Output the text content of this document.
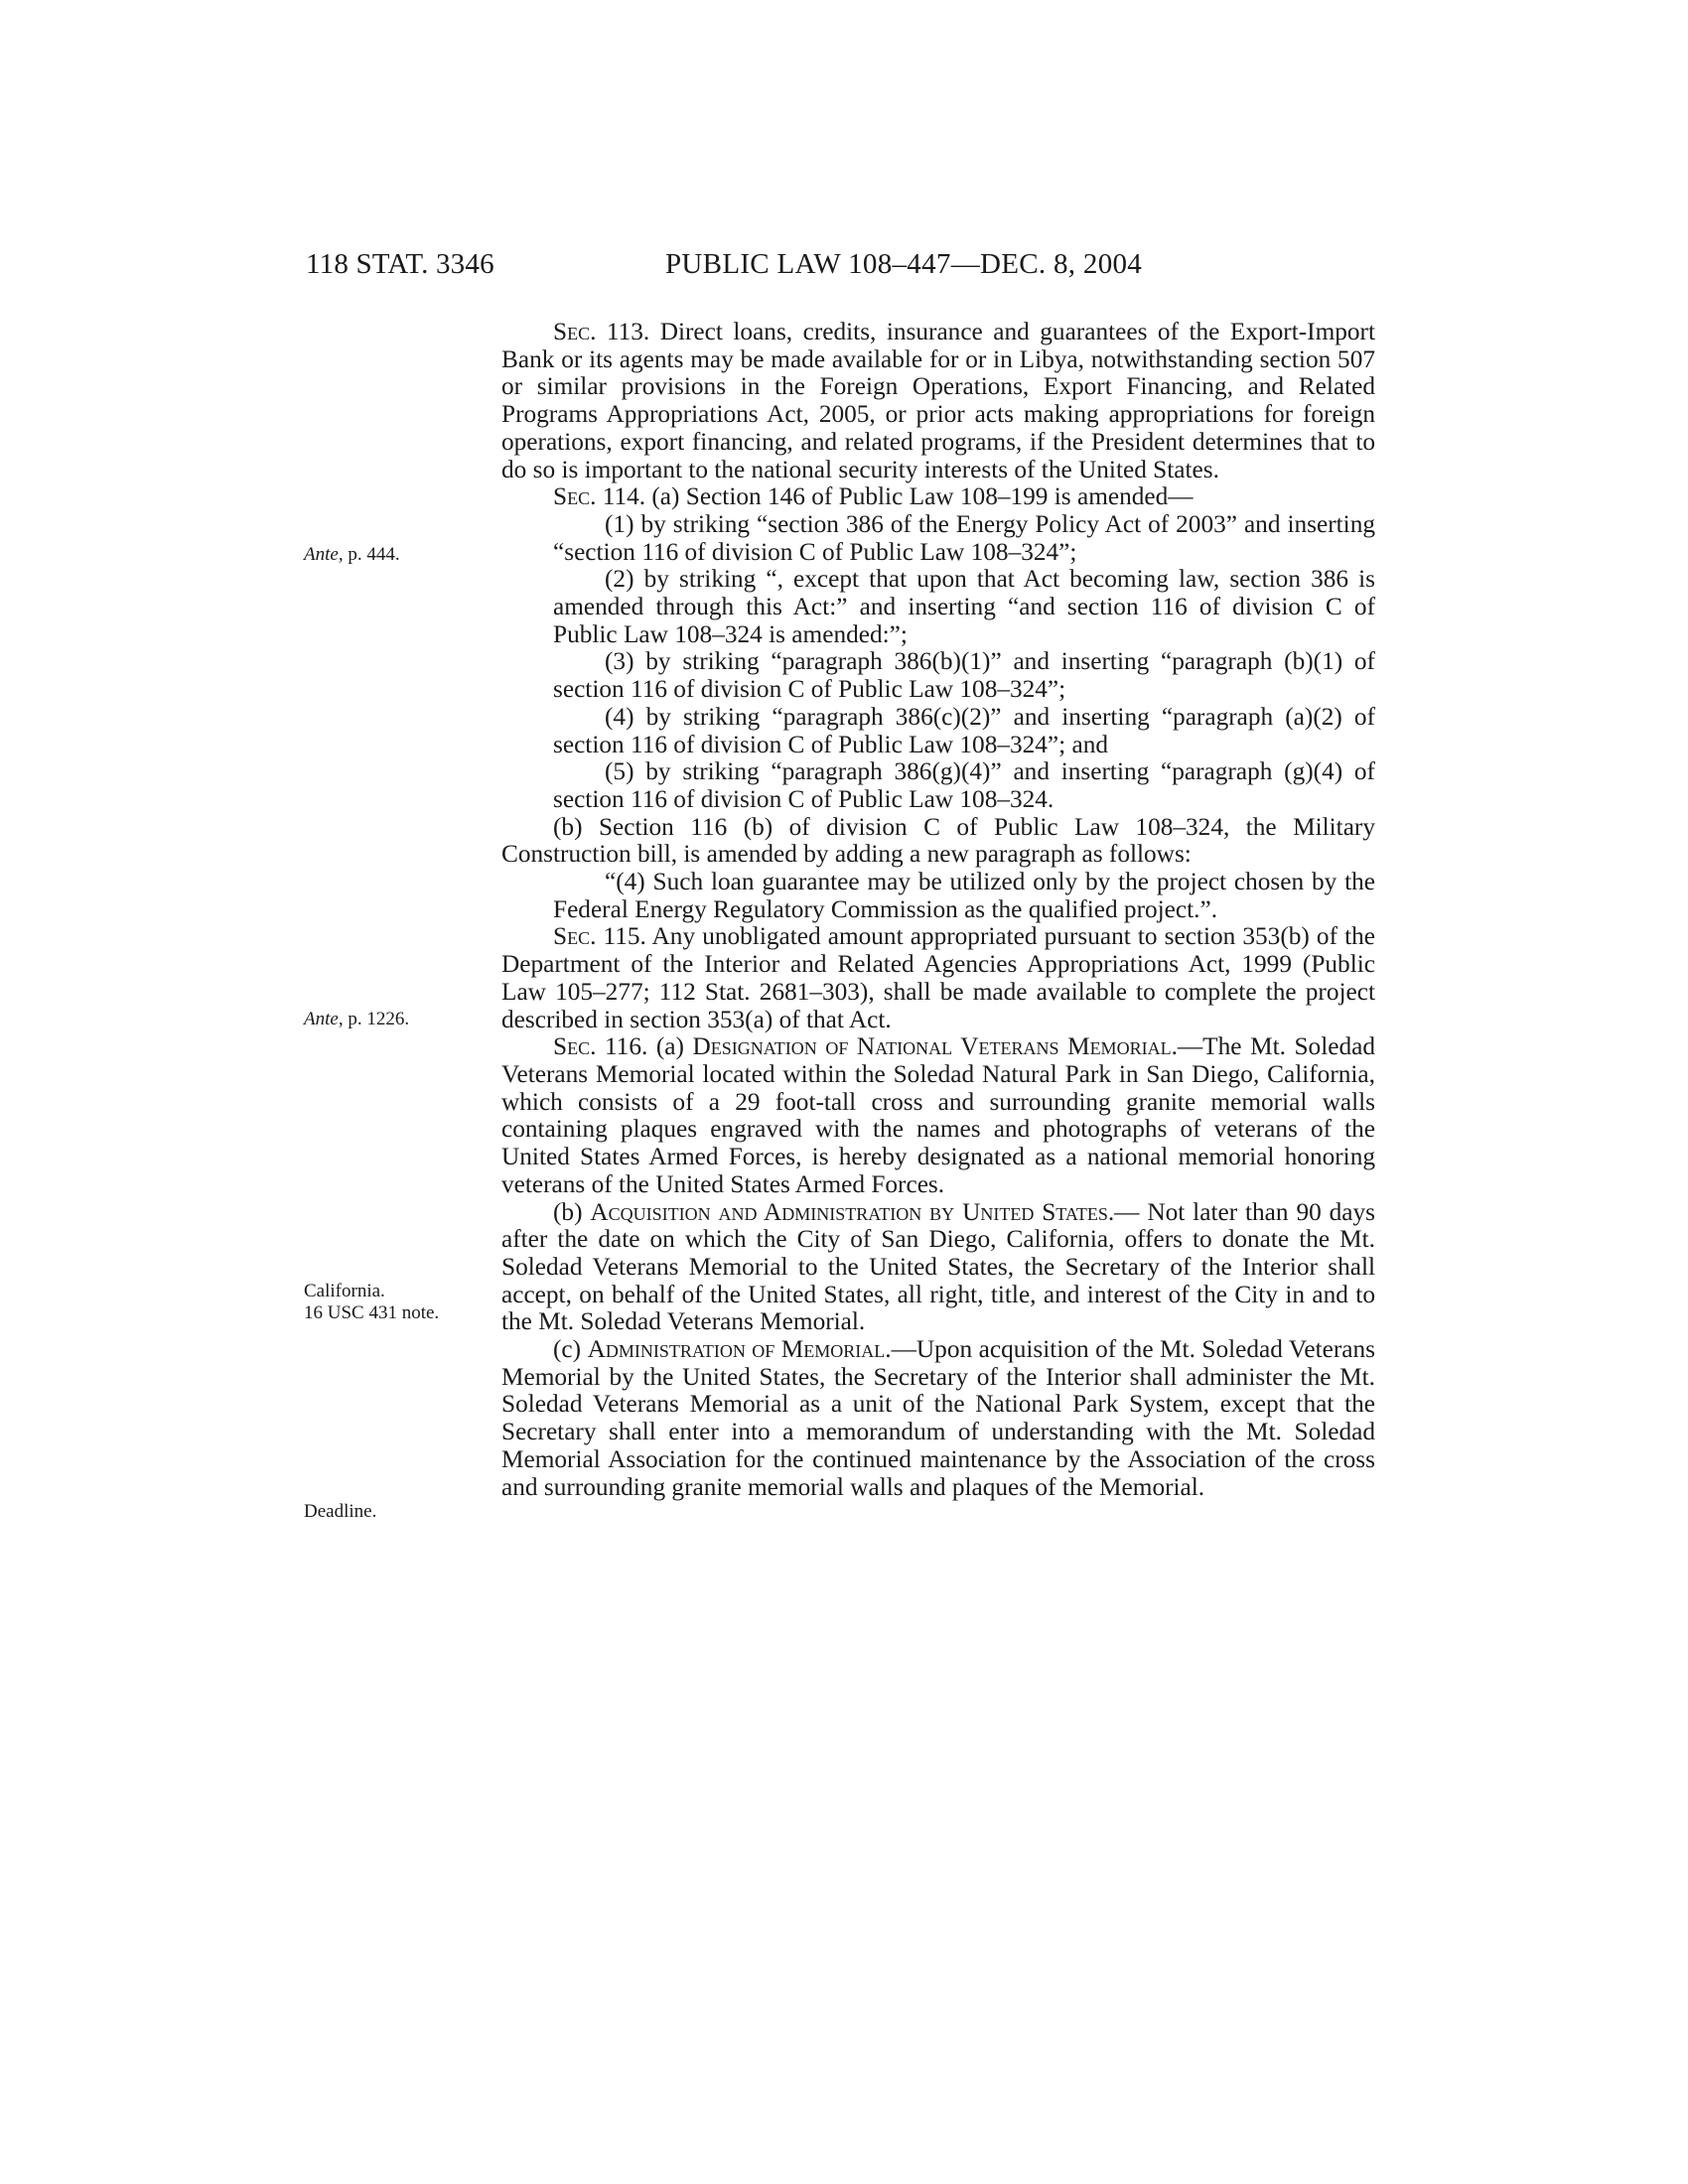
118 STAT. 3346	PUBLIC LAW 108–447—DEC. 8, 2004
Ante, p. 444.
Ante, p. 1226.
California.
16 USC 431 note.
Deadline.

Sec. 113. Direct loans, credits, insurance and guarantees of the Export-Import Bank or its agents may be made available for or in Libya, notwithstanding section 507 or similar provisions in the Foreign Operations, Export Financing, and Related Programs Appropriations Act, 2005, or prior acts making appropriations for foreign operations, export financing, and related programs, if the President determines that to do so is important to the national security interests of the United States.

Sec. 114. (a) Section 146 of Public Law 108–199 is amended—

(1) by striking “section 386 of the Energy Policy Act of 2003” and inserting “section 116 of division C of Public Law 108–324”;

(2) by striking “, except that upon that Act becoming law, section 386 is amended through this Act:” and inserting “and section 116 of division C of Public Law 108–324 is amended:”;

(3) by striking “paragraph 386(b)(1)” and inserting “paragraph (b)(1) of section 116 of division C of Public Law 108–324”;

(4) by striking “paragraph 386(c)(2)” and inserting “paragraph (a)(2) of section 116 of division C of Public Law 108–324”; and

(5) by striking “paragraph 386(g)(4)” and inserting “paragraph (g)(4) of section 116 of division C of Public Law 108–324.

(b) Section 116 (b) of division C of Public Law 108–324, the Military Construction bill, is amended by adding a new paragraph as follows:

“(4) Such loan guarantee may be utilized only by the project chosen by the Federal Energy Regulatory Commission as the qualified project.”.

Sec. 115. Any unobligated amount appropriated pursuant to section 353(b) of the Department of the Interior and Related Agencies Appropriations Act, 1999 (Public Law 105–277; 112 Stat. 2681–303), shall be made available to complete the project described in section 353(a) of that Act.

Sec. 116. (a) Designation of National Veterans Memorial.—The Mt. Soledad Veterans Memorial located within the Soledad Natural Park in San Diego, California, which consists of a 29 foot-tall cross and surrounding granite memorial walls containing plaques engraved with the names and photographs of veterans of the United States Armed Forces, is hereby designated as a national memorial honoring veterans of the United States Armed Forces.

(b) Acquisition and Administration by United States.— Not later than 90 days after the date on which the City of San Diego, California, offers to donate the Mt. Soledad Veterans Memorial to the United States, the Secretary of the Interior shall accept, on behalf of the United States, all right, title, and interest of the City in and to the Mt. Soledad Veterans Memorial.

(c) Administration of Memorial.—Upon acquisition of the Mt. Soledad Veterans Memorial by the United States, the Secretary of the Interior shall administer the Mt. Soledad Veterans Memorial as a unit of the National Park System, except that the Secretary shall enter into a memorandum of understanding with the Mt. Soledad Memorial Association for the continued maintenance by the Association of the cross and surrounding granite memorial walls and plaques of the Memorial.
